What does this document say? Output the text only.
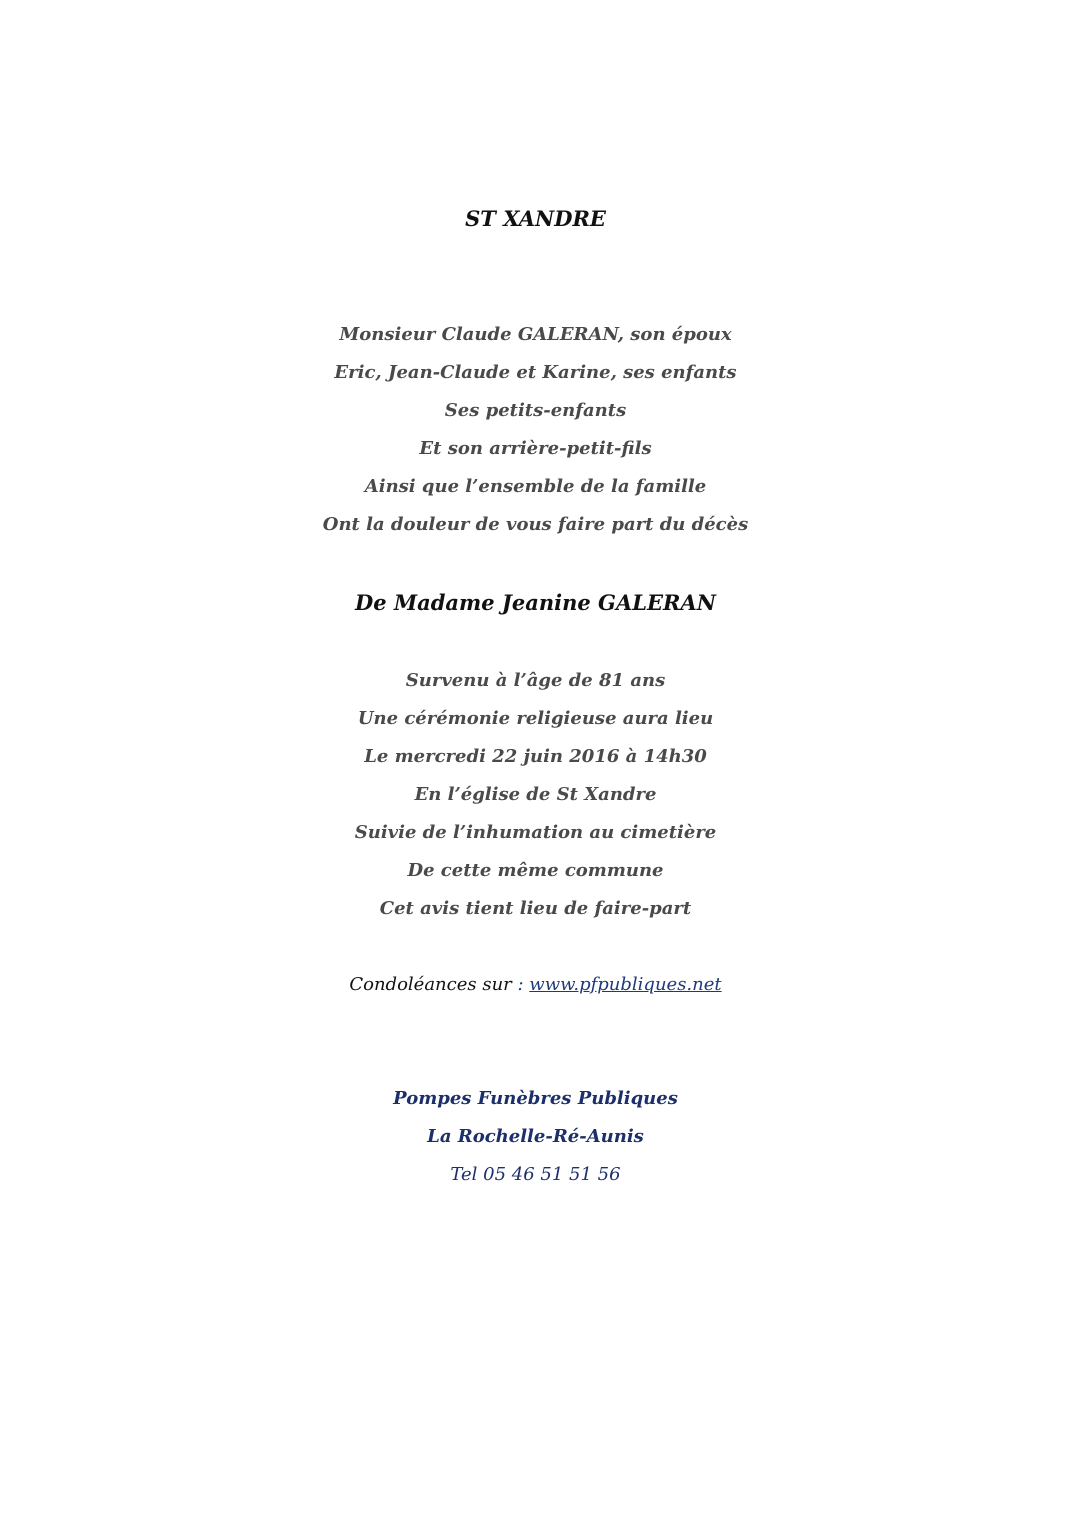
ST XANDRE
Monsieur Claude GALERAN, son époux
Eric, Jean-Claude et Karine, ses enfants
Ses petits-enfants
Et son arrière-petit-fils
Ainsi que l’ensemble de la famille
Ont la douleur de vous faire part du décès
De Madame Jeanine GALERAN
Survenu à l’âge de 81 ans
Une cérémonie religieuse aura lieu
Le mercredi 22 juin 2016 à 14h30
En l’église de St Xandre
Suivie de l’inhumation au cimetière
De cette même commune
Cet avis tient lieu de faire-part
Condoléances sur : www.pfpubliques.net
Pompes Funèbres Publiques
La Rochelle-Ré-Aunis
Tel 05 46 51 51 56
